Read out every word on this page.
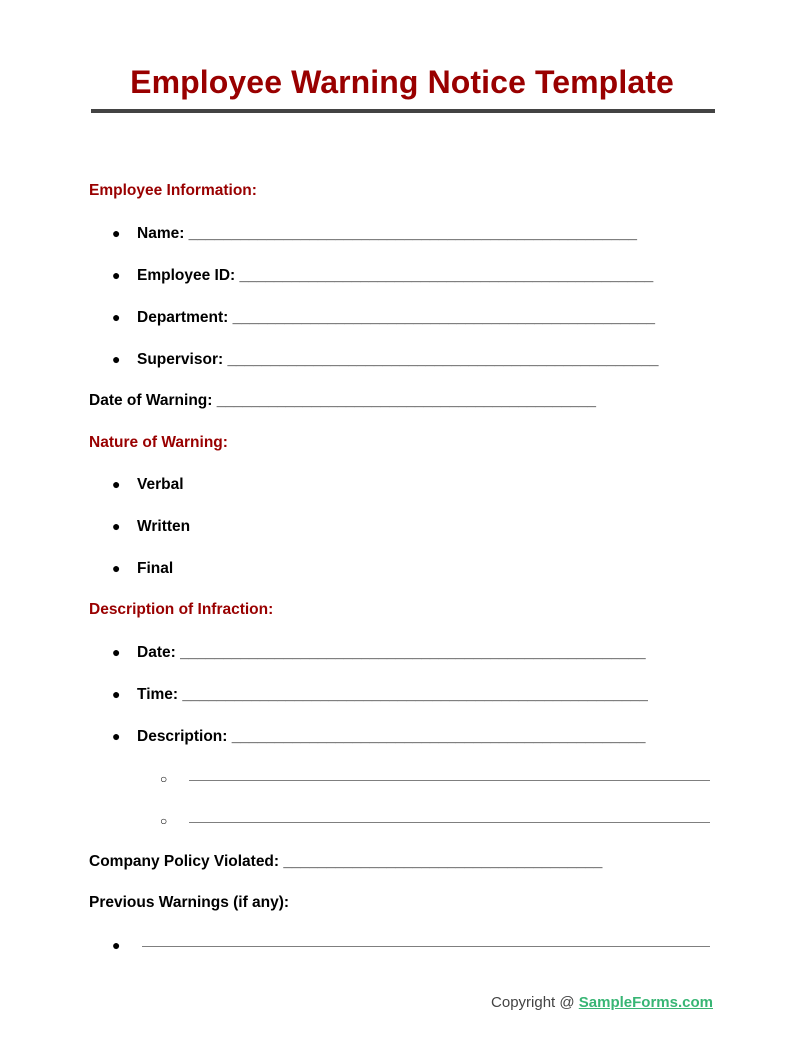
Employee Warning Notice Template
Employee Information:
● Name: ____________________________________________________
● Employee ID: ________________________________________________
● Department: _________________________________________________
● Supervisor: __________________________________________________
Date of Warning: ____________________________________________
Nature of Warning:
● Verbal
● Written
● Final
Description of Infraction:
● Date: ______________________________________________________
● Time: ______________________________________________________
● Description: ________________________________________________
○
○
Company Policy Violated: _____________________________________
Previous Warnings (if any):
●
Copyright @ SampleForms.com
